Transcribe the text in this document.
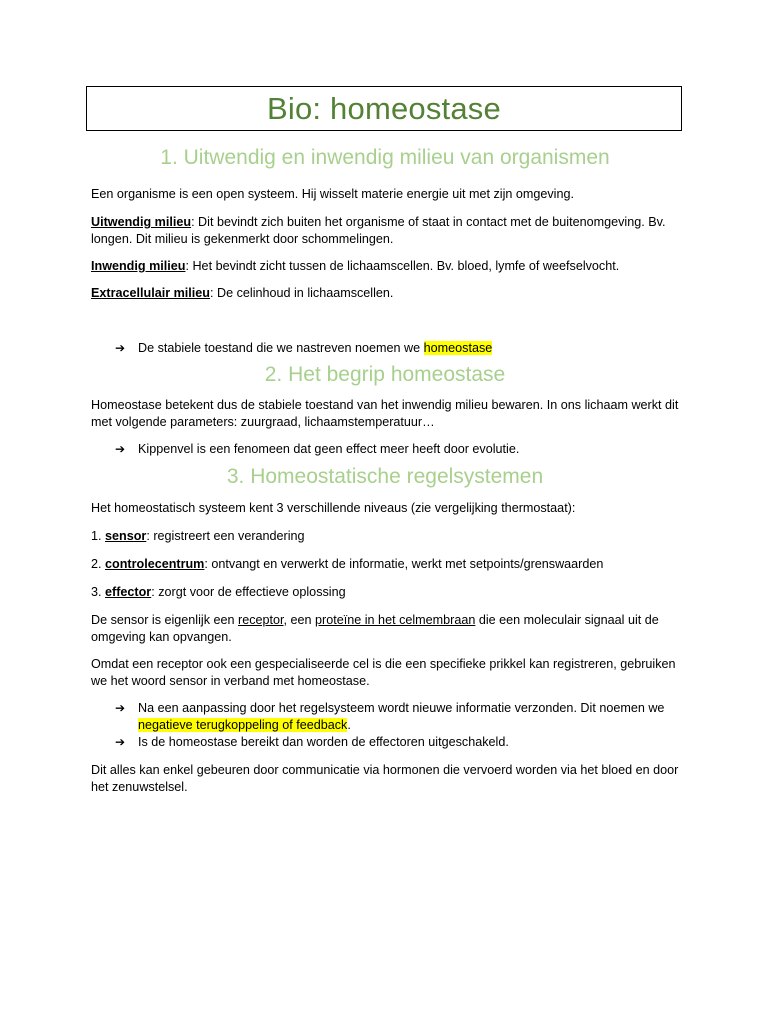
Bio: homeostase
1. Uitwendig en inwendig milieu van organismen

Een organisme is een open systeem. Hij wisselt materie energie uit met zijn omgeving.

Uitwendig milieu: Dit bevindt zich buiten het organisme of staat in contact met de buitenomgeving. Bv. longen. Dit milieu is gekenmerkt door schommelingen.

Inwendig milieu: Het bevindt zicht tussen de lichaamscellen. Bv. bloed, lymfe of weefselvocht.

Extracellulair milieu: De celinhoud in lichaamscellen.

➔	De stabiele toestand die we nastreven noemen we homeostase
2. Het begrip homeostase

Homeostase betekent dus de stabiele toestand van het inwendig milieu bewaren. In ons lichaam werkt dit met volgende parameters: zuurgraad, lichaamstemperatuur…

➔	Kippenvel is een fenomeen dat geen effect meer heeft door evolutie.
3. Homeostatische regelsystemen

Het homeostatisch systeem kent 3 verschillende niveaus (zie vergelijking thermostaat):

1. sensor: registreert een verandering

2. controlecentrum: ontvangt en verwerkt de informatie, werkt met setpoints/grenswaarden

3. effector: zorgt voor de effectieve oplossing

De sensor is eigenlijk een receptor, een proteïne in het celmembraan die een moleculair signaal uit de omgeving kan opvangen.

Omdat een receptor ook een gespecialiseerde cel is die een specifieke prikkel kan registreren, gebruiken we het woord sensor in verband met homeostase.

➔	Na een aanpassing door het regelsysteem wordt nieuwe informatie verzonden. Dit noemen we negatieve terugkoppeling of feedback.
➔	Is de homeostase bereikt dan worden de effectoren uitgeschakeld.

Dit alles kan enkel gebeuren door communicatie via hormonen die vervoerd worden via het bloed en door het zenuwstelsel.
